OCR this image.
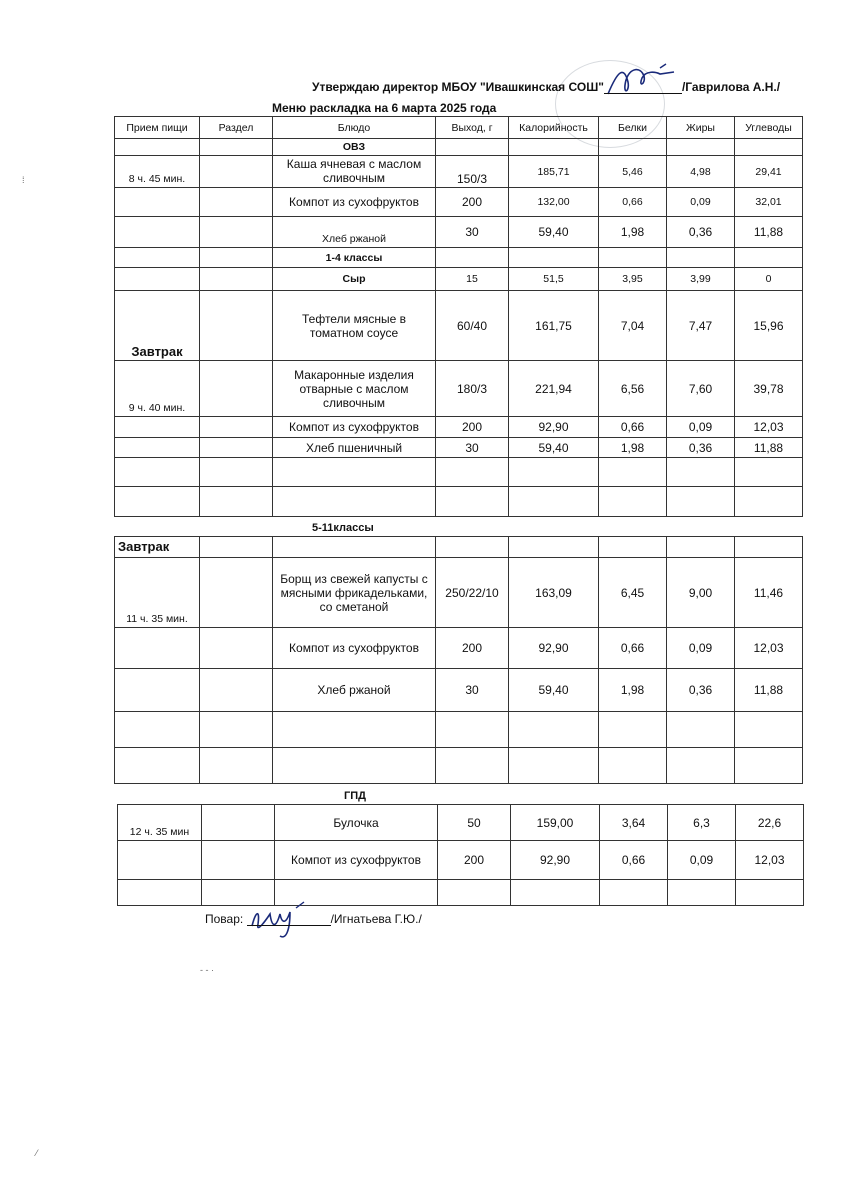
Утверждаю директор МБОУ "Ивашкинская СОШ"	/Гаврилова А.Н./
Меню раскладка на 6 марта 2025 года
Прием пищи	Раздел	Блюдо	Выход, г	Калорийность	Белки	Жиры	Углеводы
		ОВЗ					
8 ч. 45 мин.		Каша ячневая с маслом сливочным	150/3	185,71	5,46	4,98	29,41
		Компот из сухофруктов	200	132,00	0,66	0,09	32,01
		Хлеб ржаной	30	59,40	1,98	0,36	11,88
		1-4 классы					
		Сыр	15	51,5	3,95	3,99	0
Завтрак		Тефтели мясные в томатном соусе	60/40	161,75	7,04	7,47	15,96
9 ч. 40 мин.		Макаронные изделия отварные с маслом сливочным	180/3	221,94	6,56	7,60	39,78
		Компот из сухофруктов	200	92,90	0,66	0,09	12,03
		Хлеб пшеничный	30	59,40	1,98	0,36	11,88

5-11классы
Завтрак							
11 ч. 35 мин.		Борщ из свежей капусты с мясными фрикадельками, со сметаной	250/22/10	163,09	6,45	9,00	11,46
		Компот из сухофруктов	200	92,90	0,66	0,09	12,03
		Хлеб ржаной	30	59,40	1,98	0,36	11,88

ГПД
12 ч. 35 мин		Булочка	50	159,00	3,64	6,3	22,6
		Компот из сухофруктов	200	92,90	0,66	0,09	12,03

Повар:	/Игнатьева Г.Ю./
⁞
‐ ‐ ·
⁄
